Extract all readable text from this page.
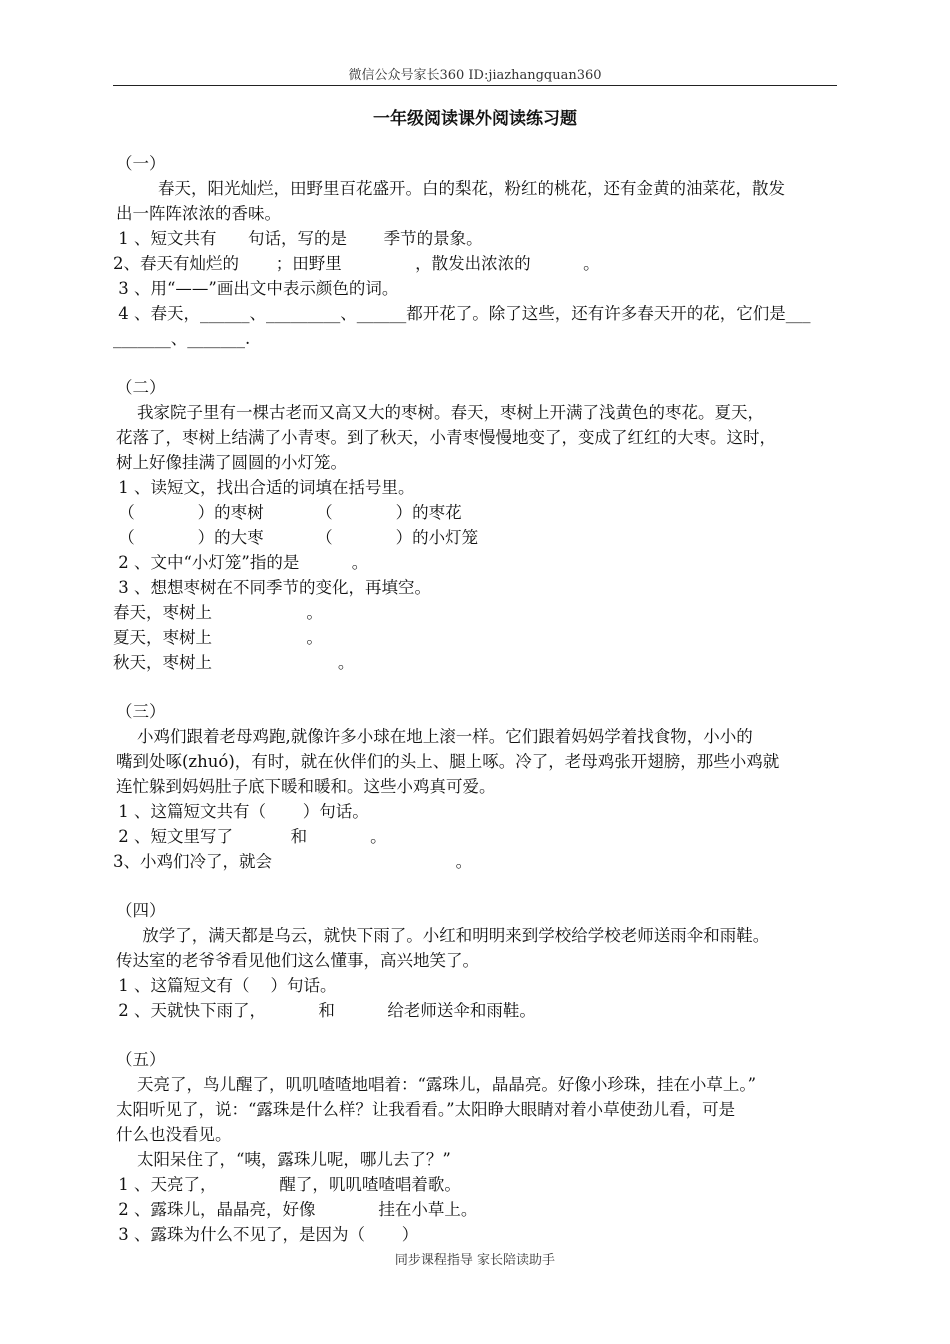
微信公众号家长360 ID:jiazhangquan360
一年级阅读课外阅读练习题
（一）
春天，阳光灿烂，田野里百花盛开。白的梨花，粉红的桃花，还有金黄的油菜花，散发
出一阵阵浓浓的香味。
1 、短文共有      句话，写的是       季节的景象。
2、春天有灿烂的       ；田野里              ，散发出浓浓的          。
3 、用“——”画出文中表示颜色的词。
4 、春天，______、_________、______都开花了。除了这些，还有许多春天开的花，它们是___
_______、_______.
（二）
我家院子里有一棵古老而又高又大的枣树。春天，枣树上开满了浅黄色的枣花。夏天，
花落了，枣树上结满了小青枣。到了秋天，小青枣慢慢地变了，变成了红红的大枣。这时，
树上好像挂满了圆圆的小灯笼。
1 、读短文，找出合适的词填在括号里。
（            ）的枣树          （            ）的枣花
（            ）的大枣          （            ）的小灯笼
2 、文中“小灯笼”指的是          。
3 、想想枣树在不同季节的变化，再填空。
春天，枣树上                  。
夏天，枣树上                  。
秋天，枣树上                        。
（三）
小鸡们跟着老母鸡跑,就像许多小球在地上滚一样。它们跟着妈妈学着找食物，小小的
嘴到处啄(zhuó)，有时，就在伙伴们的头上、腿上啄。冷了，老母鸡张开翅膀，那些小鸡就
连忙躲到妈妈肚子底下暖和暖和。这些小鸡真可爱。
1 、这篇短文共有（       ）句话。
2 、短文里写了           和            。
3、小鸡们冷了，就会                                   。
（四）
放学了，满天都是乌云，就快下雨了。小红和明明来到学校给学校老师送雨伞和雨鞋。
传达室的老爷爷看见他们这么懂事，高兴地笑了。
1 、这篇短文有（    ）句话。
2 、天就快下雨了，          和          给老师送伞和雨鞋。
（五）
天亮了，鸟儿醒了，叽叽喳喳地唱着：“露珠儿，晶晶亮。好像小珍珠，挂在小草上。”
太阳听见了，说：“露珠是什么样？让我看看。”太阳睁大眼睛对着小草使劲儿看，可是
什么也没看见。
太阳呆住了，“咦，露珠儿呢，哪儿去了？”
1 、天亮了，            醒了，叽叽喳喳唱着歌。
2 、露珠儿，晶晶亮，好像            挂在小草上。
3 、露珠为什么不见了，是因为（       ）
同步课程指导 家长陪读助手
